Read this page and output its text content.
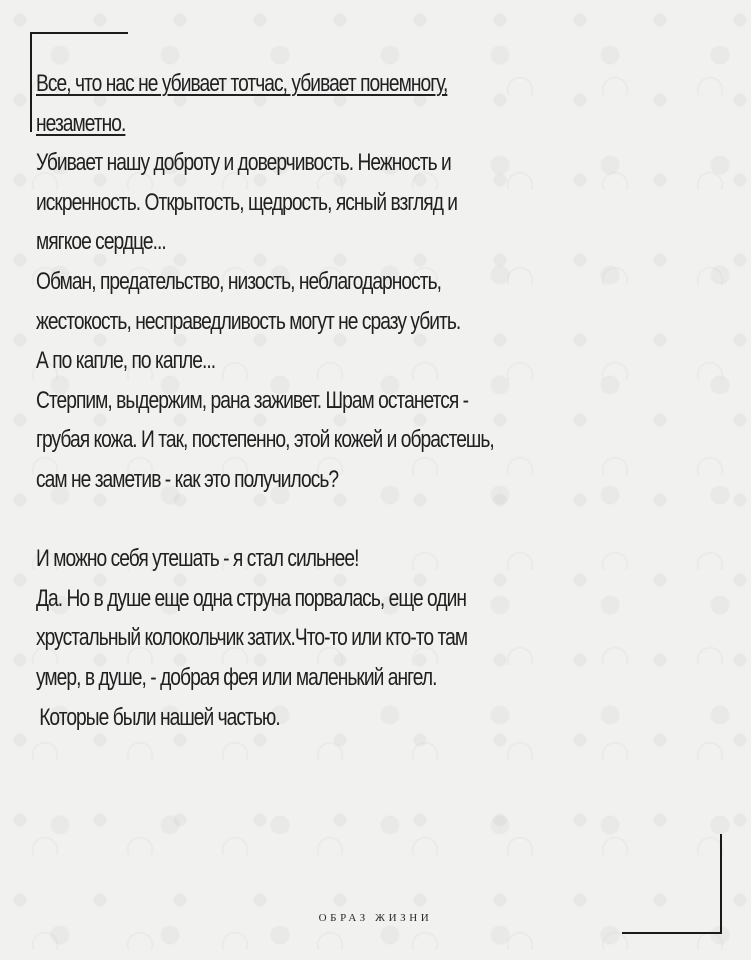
Все, что нас не убивает тотчас, убивает понемногу,
незаметно.
Убивает нашу доброту и доверчивость. Нежность и
искренность. Открытость, щедрость, ясный взгляд и
мягкое сердце...
Обман, предательство, низость, неблагодарность,
жестокость, несправедливость могут не сразу убить.
А по капле, по капле...
Стерпим, выдержим, рана заживет. Шрам останется -
грубая кожа. И так, постепенно, этой кожей и обрастешь,
сам не заметив - как это получилось?
И можно себя утешать - я стал сильнее!
Да. Но в душе еще одна струна порвалась, еще один
хрустальный колокольчик затих.Что-то или кто-то там
умер, в душе, - добрая фея или маленький ангел.
Которые были нашей частью.
ОБРАЗ ЖИЗНИ
